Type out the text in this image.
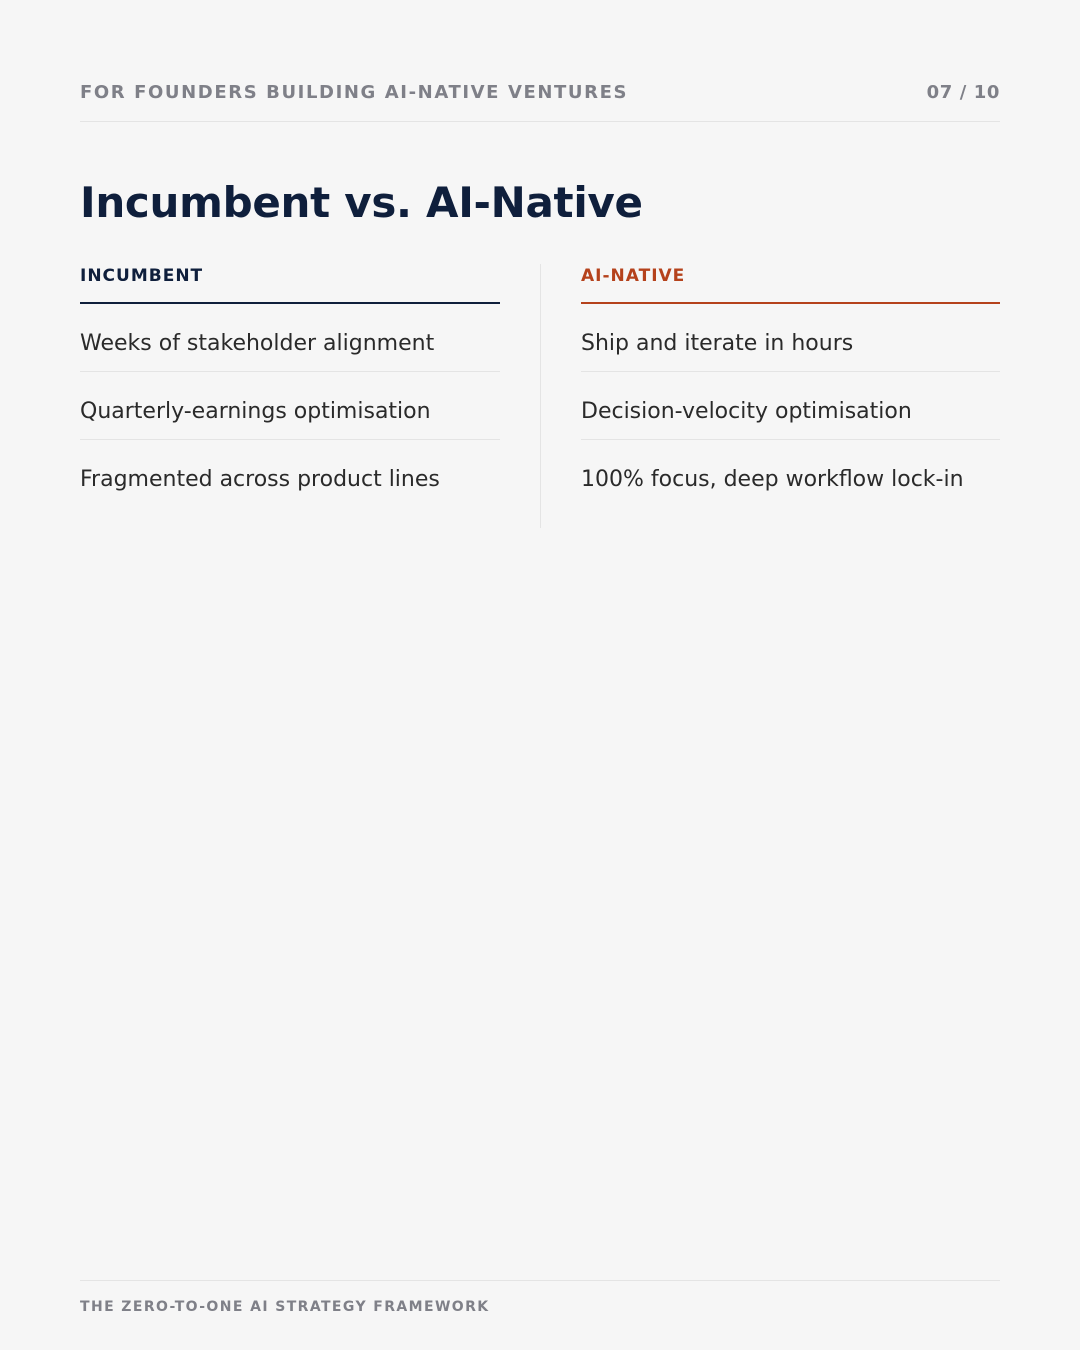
FOR FOUNDERS BUILDING AI-NATIVE VENTURES	07 / 10
Incumbent vs. AI-Native
INCUMBENT
Weeks of stakeholder alignment
Quarterly-earnings optimisation
Fragmented across product lines
AI-NATIVE
Ship and iterate in hours
Decision-velocity optimisation
100% focus, deep workflow lock-in
THE ZERO-TO-ONE AI STRATEGY FRAMEWORK
